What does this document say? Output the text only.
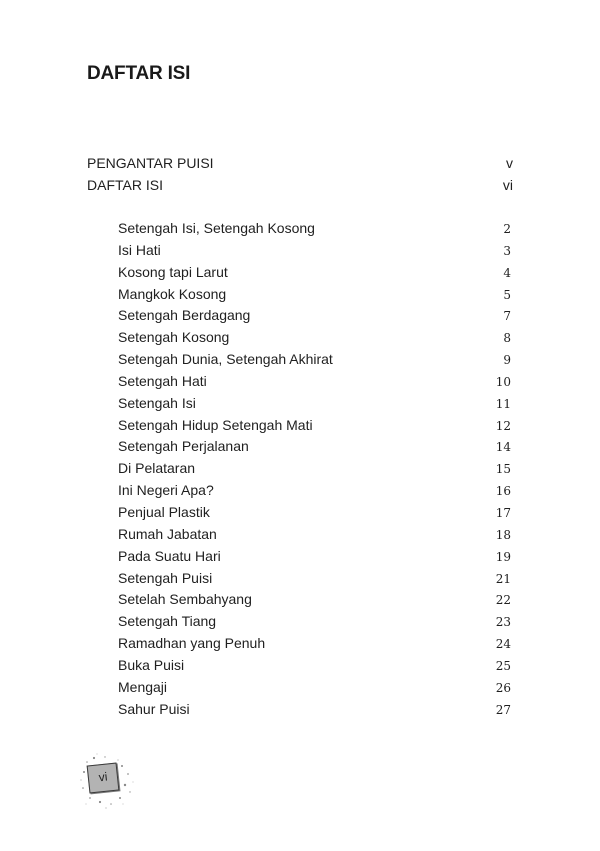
DAFTAR ISI
PENGANTAR PUISI	v
DAFTAR ISI	vi
Setengah Isi, Setengah Kosong	2
Isi Hati	3
Kosong tapi Larut	4
Mangkok Kosong	5
Setengah Berdagang	7
Setengah Kosong	8
Setengah Dunia, Setengah Akhirat	9
Setengah Hati	10
Setengah Isi	11
Setengah Hidup Setengah Mati	12
Setengah Perjalanan	14
Di Pelataran	15
Ini Negeri Apa?	16
Penjual Plastik	17
Rumah Jabatan	18
Pada Suatu Hari	19
Setengah Puisi	21
Setelah Sembahyang	22
Setengah Tiang	23
Ramadhan yang Penuh	24
Buka Puisi	25
Mengaji	26
Sahur Puisi	27
vi
